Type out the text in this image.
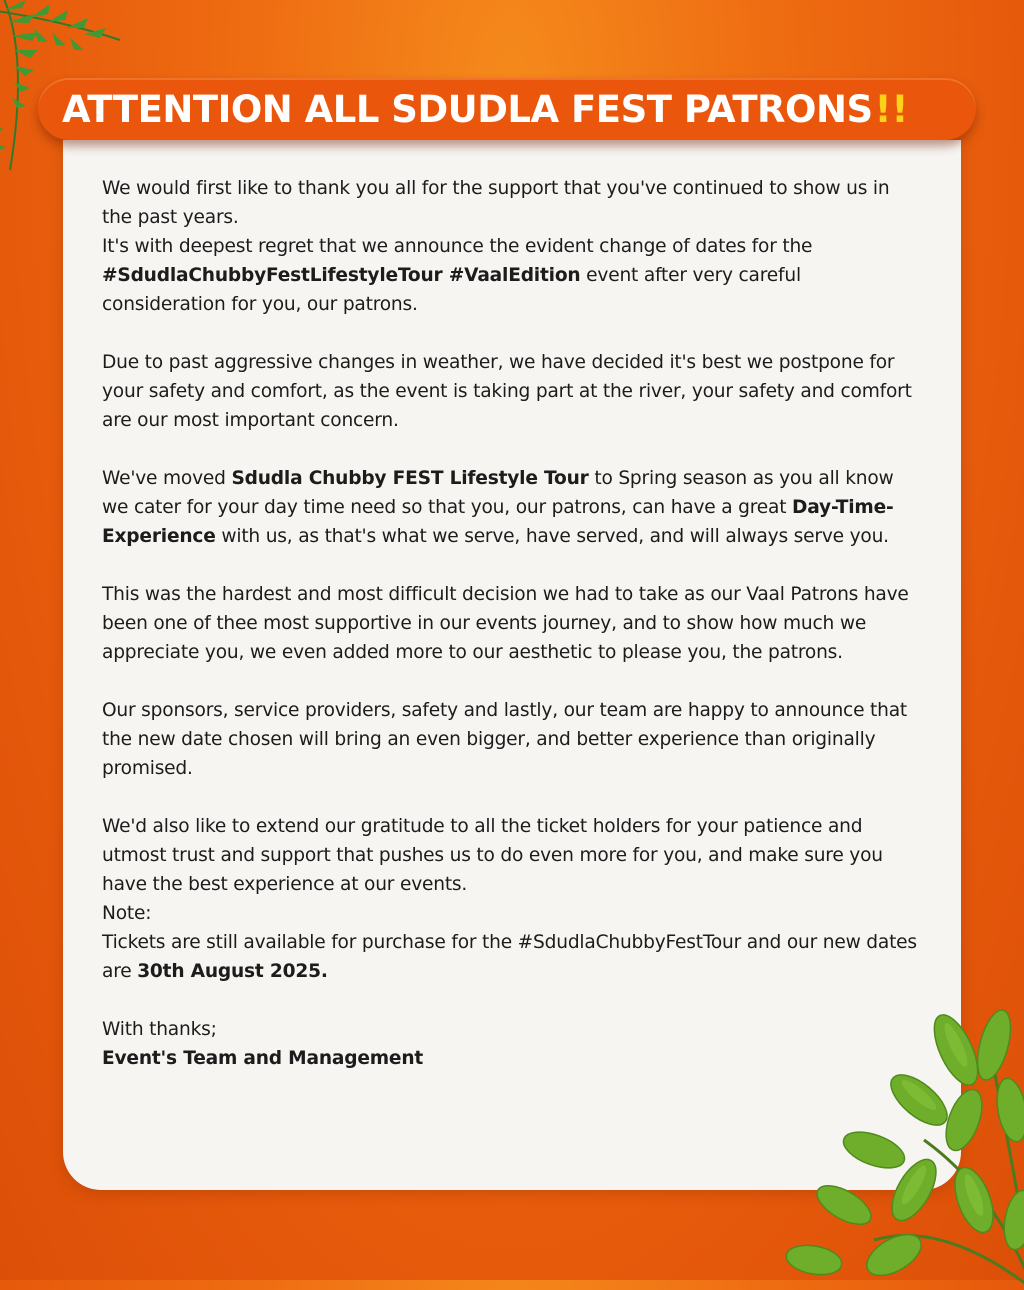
ATTENTION ALL SDUDLA FEST PATRONS !!

We would first like to thank you all for the support that you've continued to show us in the past years.
It's with deepest regret that we announce the evident change of dates for the #SdudlaChubbyFestLifestyleTour #VaalEdition event after very careful consideration for you, our patrons.

Due to past aggressive changes in weather, we have decided it's best we postpone for your safety and comfort, as the event is taking part at the river, your safety and comfort are our most important concern.

We've moved Sdudla Chubby FEST Lifestyle Tour to Spring season as you all know we cater for your day time need so that you, our patrons, can have a great Day-Time-Experience with us, as that's what we serve, have served, and will always serve you.

This was the hardest and most difficult decision we had to take as our Vaal Patrons have been one of thee most supportive in our events journey, and to show how much we appreciate you, we even added more to our aesthetic to please you, the patrons.

Our sponsors, service providers, safety and lastly, our team are happy to announce that the new date chosen will bring an even bigger, and better experience than originally promised.

We'd also like to extend our gratitude to all the ticket holders for your patience and utmost trust and support that pushes us to do even more for you, and make sure you have the best experience at our events.

Note:

Tickets are still available for purchase for the #SdudlaChubbyFestTour and our new dates are 30th August 2025.

With thanks;

Event's Team and Management
